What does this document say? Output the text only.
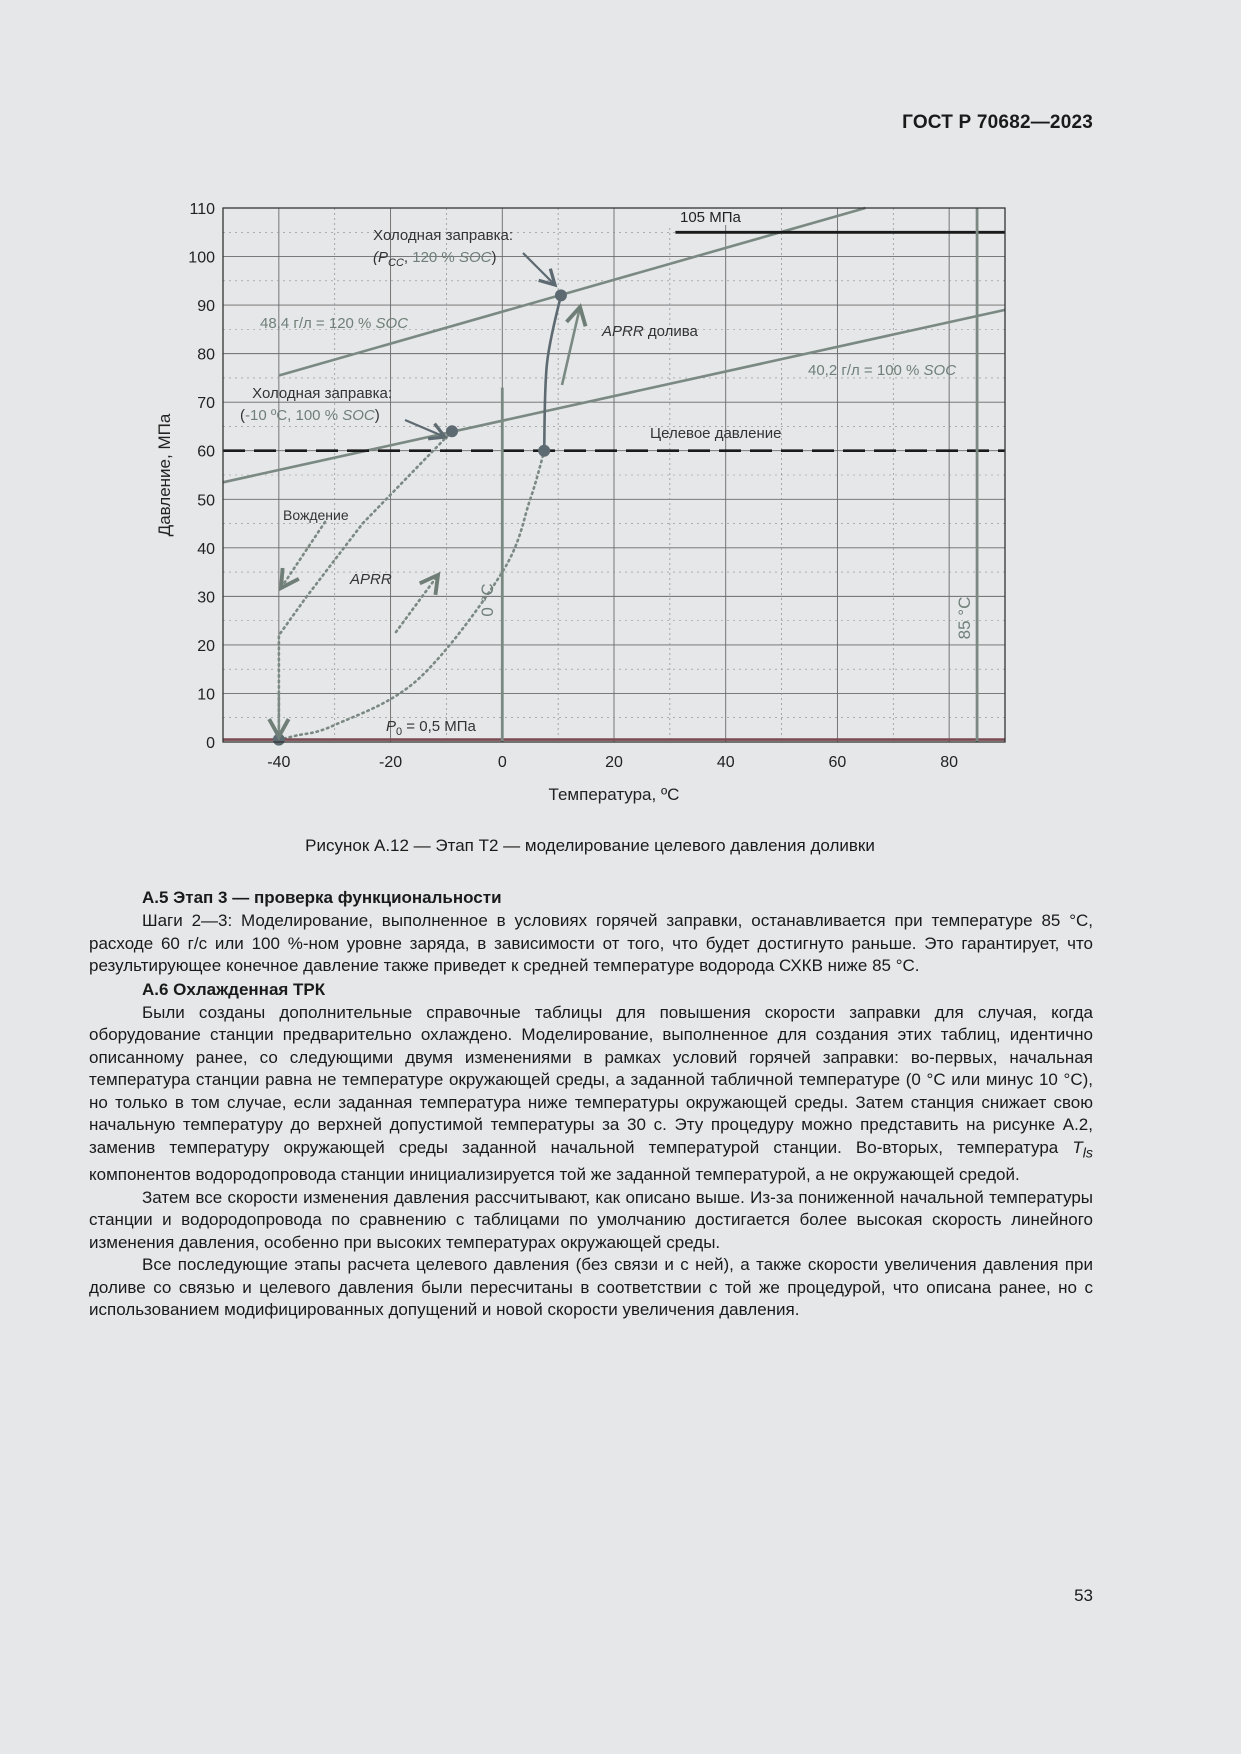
ГОСТ Р 70682—2023
0
10
20
30
40
50
60
70
80
90
100
110
-40	-20	0	20	40	60	80
Температура, ºС
Давление, МПа
Холодная заправка:
($P_{CC}$, 120 % SOC)
Холодная заправка:
(-10 ºС, 100 % SOC)
48,4 г/л = 120 % SOC
40,2 г/л = 100 % SOC
APRR долива
Целевое давление
Вождение
APRR
$P_0 = 0,5$ МПа
105 МПа
0 °С	85 °С
Рисунок А.12 — Этап Т2 — моделирование целевого давления доливки
А.5 Этап 3 — проверка функциональности

Шаги 2—3: Моделирование, выполненное в условиях горячей заправки, останавливается при температуре 85 °С, расходе 60 г/с или 100 %-ном уровне заряда, в зависимости от того, что будет достигнуто раньше. Это гарантирует, что результирующее конечное давление также приведет к средней температуре водорода СХКВ ниже 85 °С.

А.6 Охлажденная ТРК

Были созданы дополнительные справочные таблицы для повышения скорости заправки для случая, когда оборудование станции предварительно охлаждено. Моделирование, выполненное для создания этих таблиц, идентично описанному ранее, со следующими двумя изменениями в рамках условий горячей заправки: во-первых, начальная температура станции равна не температуре окружающей среды, а заданной табличной температуре (0 °С или минус 10 °С), но только в том случае, если заданная температура ниже температуры окружающей среды. Затем станция снижает свою начальную температуру до верхней допустимой температуры за 30 с. Эту процедуру можно представить на рисунке А.2, заменив температуру окружающей среды заданной начальной температурой станции. Во-вторых, температура $T_{ls}$ компонентов водородопровода станции инициализируется той же заданной температурой, а не окружающей средой.

Затем все скорости изменения давления рассчитывают, как описано выше. Из-за пониженной начальной температуры станции и водородопровода по сравнению с таблицами по умолчанию достигается более высокая скорость линейного изменения давления, особенно при высоких температурах окружающей среды.

Все последующие этапы расчета целевого давления (без связи и с ней), а также скорости увеличения давления при доливе со связью и целевого давления были пересчитаны в соответствии с той же процедурой, что описана ранее, но с использованием модифицированных допущений и новой скорости увеличения давления.

53
